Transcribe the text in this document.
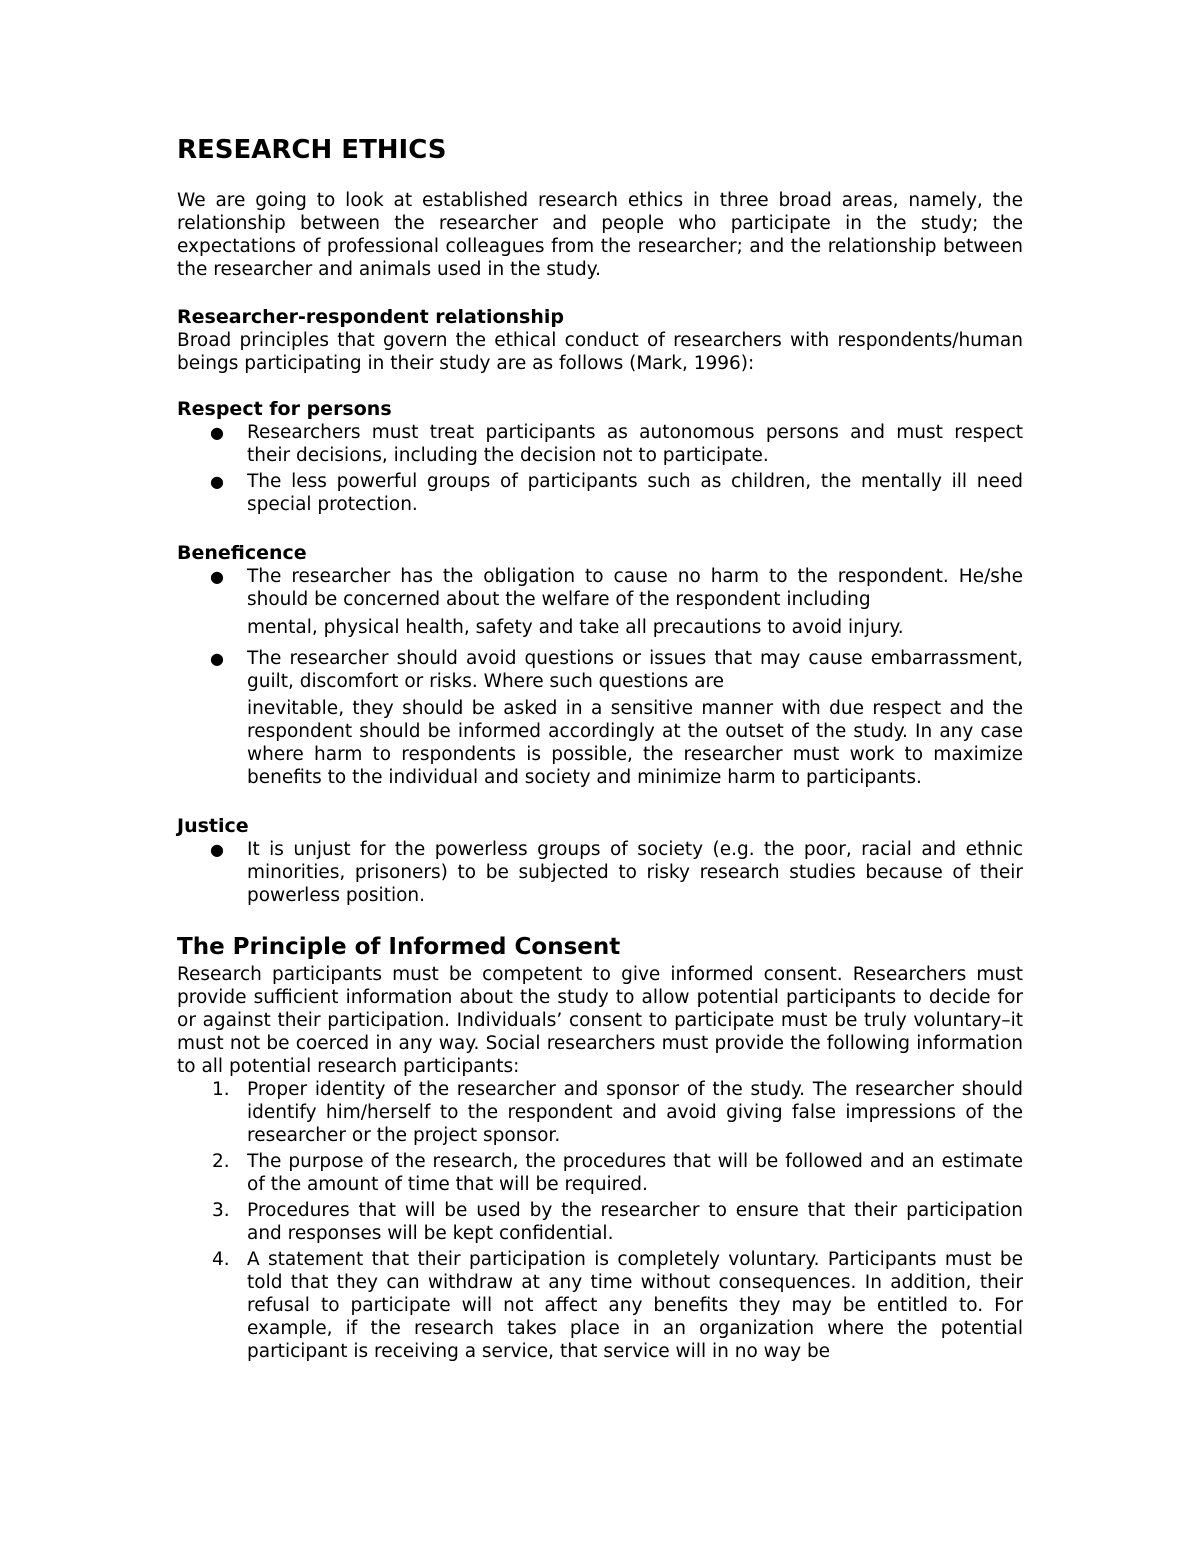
RESEARCH ETHICS

We are going to look at established research ethics in three broad areas, namely, the relationship between the researcher and people who participate in the study; the expectations of professional colleagues from the researcher; and the relationship between the researcher and animals used in the study.

Researcher-respondent relationship

Broad principles that govern the ethical conduct of researchers with respondents/human beings participating in their study are as follows (Mark, 1996):

Respect for persons
● Researchers must treat participants as autonomous persons and must respect their decisions, including the decision not to participate.
● The less powerful groups of participants such as children, the mentally ill need special protection.
Beneficence
● The researcher has the obligation to cause no harm to the respondent. He/she should be concerned about the welfare of the respondent including
mental, physical health, safety and take all precautions to avoid injury.
● The researcher should avoid questions or issues that may cause embarrassment, guilt, discomfort or risks. Where such questions are
inevitable, they should be asked in a sensitive manner with due respect and the respondent should be informed accordingly at the outset of the study. In any case where harm to respondents is possible, the researcher must work to maximize benefits to the individual and society and minimize harm to participants.
Justice
● It is unjust for the powerless groups of society (e.g. the poor, racial and ethnic minorities, prisoners) to be subjected to risky research studies because of their powerless position.
The Principle of Informed Consent

Research participants must be competent to give informed consent. Researchers must provide sufficient information about the study to allow potential participants to decide for or against their participation. Individuals’ consent to participate must be truly voluntary–it must not be coerced in any way. Social researchers must provide the following information to all potential research participants:

1. Proper identity of the researcher and sponsor of the study. The researcher should identify him/herself to the respondent and avoid giving false impressions of the researcher or the project sponsor.
2. The purpose of the research, the procedures that will be followed and an estimate of the amount of time that will be required.
3. Procedures that will be used by the researcher to ensure that their participation and responses will be kept confidential.
4. A statement that their participation is completely voluntary. Participants must be told that they can withdraw at any time without consequences. In addition, their refusal to participate will not affect any benefits they may be entitled to. For example, if the research takes place in an organization where the potential participant is receiving a service, that service will in no way be
